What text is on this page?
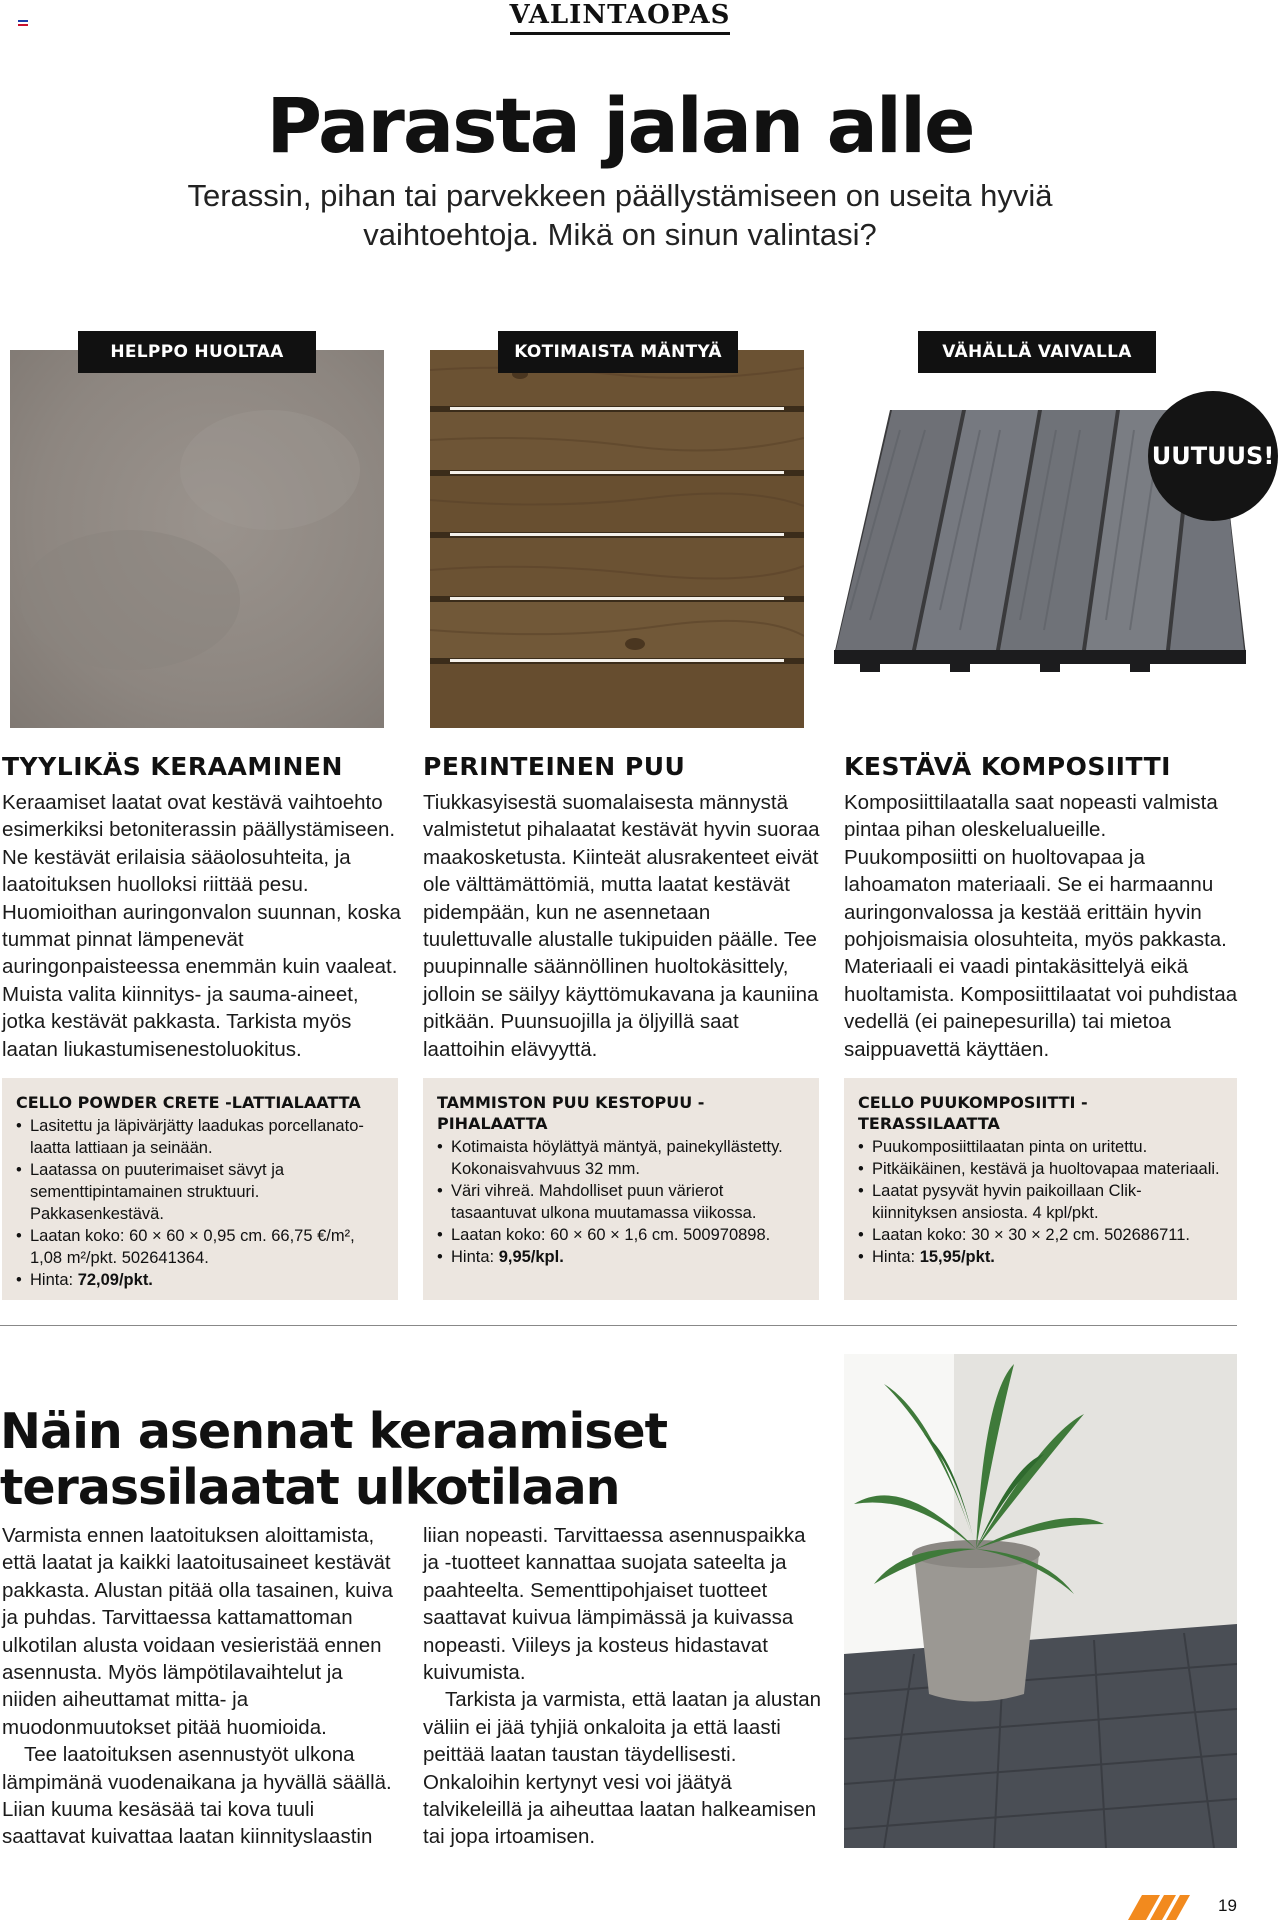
VALINTAOPAS
Parasta jalan alle

Terassin, pihan tai parvekkeen päällystämiseen on useita hyviä vaihtoehtoja. Mikä on sinun valintasi?

HELPPO HUOLTAA	KOTIMAISTA MÄNTYÄ	VÄHÄLLÄ VAIVALLA
UUTUUS!
TYYLIKÄS KERAAMINEN

Keraamiset laatat ovat kestävä vaihtoehto esimerkiksi betoniterassin päällystämiseen. Ne kestävät erilaisia sääolosuhteita, ja laatoituksen huolloksi riittää pesu. Huomioithan auringonvalon suunnan, koska tummat pinnat lämpenevät auringonpaisteessa enemmän kuin vaaleat. Muista valita kiinnitys- ja sauma-aineet, jotka kestävät pakkasta. Tarkista myös laatan liukastumisenestoluokitus.

PERINTEINEN PUU

Tiukkasyisestä suomalaisesta männystä valmistetut pihalaatat kestävät hyvin suoraa maakosketusta. Kiinteät alusrakenteet eivät ole välttämättömiä, mutta laatat kestävät pidempään, kun ne asennetaan tuulettuvalle alustalle tukipuiden päälle. Tee puupinnalle säännöllinen huoltokäsittely, jolloin se säilyy käyttömukavana ja kauniina pitkään. Puunsuojilla ja öljyillä saat laattoihin elävyyttä.

KESTÄVÄ KOMPOSIITTI

Komposiittilaatalla saat nopeasti valmista pintaa pihan oleskelualueille. Puukomposiitti on huoltovapaa ja lahoamaton materiaali. Se ei harmaannu auringonvalossa ja kestää erittäin hyvin pohjoismaisia olosuhteita, myös pakkasta. Materiaali ei vaadi pintakäsittelyä eikä huoltamista. Komposiittilaatat voi puhdistaa vedellä (ei painepesurilla) tai mietoa saippuavettä käyttäen.

CELLO POWDER CRETE -LATTIALAATTA
• Lasitettu ja läpivärjätty laadukas porcellanato-laatta lattiaan ja seinään.
• Laatassa on puuterimaiset sävyt ja sementtipintamainen struktuuri. Pakkasenkestävä.
• Laatan koko: 60 × 60 × 0,95 cm. 66,75 €/m², 1,08 m²/pkt. 502641364.
• Hinta: 72,09/pkt.
TAMMISTON PUU KESTOPUU -PIHALAATTA
• Kotimaista höylättyä mäntyä, painekyllästetty. Kokonaisvahvuus 32 mm.
• Väri vihreä. Mahdolliset puun värierot tasaantuvat ulkona muutamassa viikossa.
• Laatan koko: 60 × 60 × 1,6 cm. 500970898.
• Hinta: 9,95/kpl.
CELLO PUUKOMPOSIITTI -TERASSILAATTA
• Puukomposiittilaatan pinta on uritettu.
• Pitkäikäinen, kestävä ja huoltovapaa materiaali.
• Laatat pysyvät hyvin paikoillaan Clik-kiinnityksen ansiosta. 4 kpl/pkt.
• Laatan koko: 30 × 30 × 2,2 cm. 502686711.
• Hinta: 15,95/pkt.
Näin asennat keraamiset terassilaatat ulkotilaan

Varmista ennen laatoituksen aloittamista, että laatat ja kaikki laatoitusaineet kestävät pakkasta. Alustan pitää olla tasainen, kuiva ja puhdas. Tarvittaessa kattamattoman ulkotilan alusta voidaan vesieristää ennen asennusta. Myös lämpötilavaihtelut ja niiden aiheuttamat mitta- ja muodonmuutokset pitää huomioida.

Tee laatoituksen asennustyöt ulkona lämpimänä vuodenaikana ja hyvällä säällä. Liian kuuma kesäsää tai kova tuuli saattavat kuivattaa laatan kiinnityslaastin

liian nopeasti. Tarvittaessa asennuspaikka ja -tuotteet kannattaa suojata sateelta ja paahteelta. Sementtipohjaiset tuotteet saattavat kuivua lämpimässä ja kuivassa nopeasti. Viileys ja kosteus hidastavat kuivumista.

Tarkista ja varmista, että laatan ja alustan väliin ei jää tyhjiä onkaloita ja että laasti peittää laatan taustan täydellisesti. Onkaloihin kertynyt vesi voi jäätyä talvikeleillä ja aiheuttaa laatan halkeamisen tai jopa irtoamisen.

19
